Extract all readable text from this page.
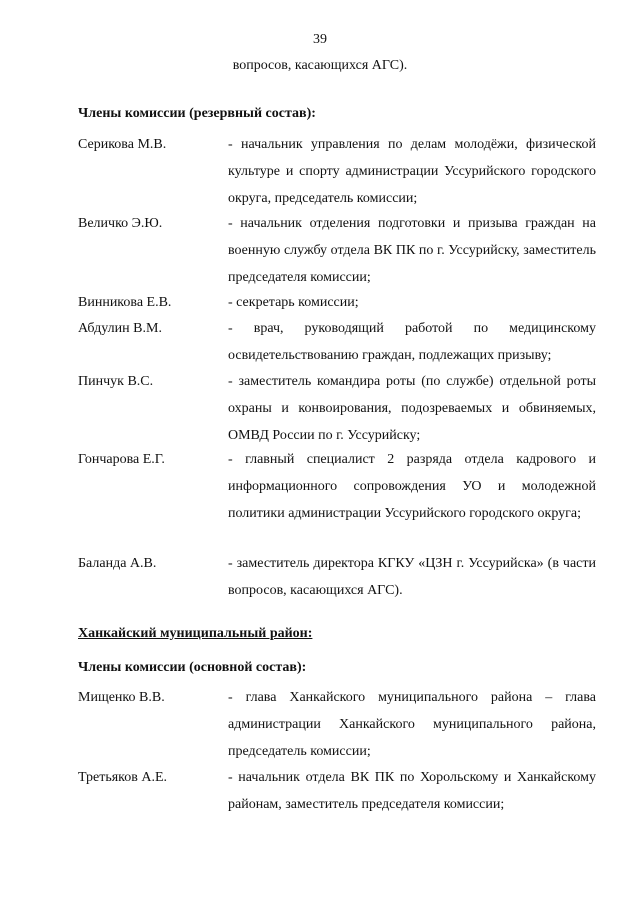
39
вопросов, касающихся АГС).
Члены комиссии (резервный состав):
Серикова М.В.	- начальник управления по делам молодёжи, физической культуре и спорту администрации Уссурийского городского округа, председатель комиссии;
Величко Э.Ю.	- начальник отделения подготовки и призыва граждан на военную службу отдела ВК ПК по г. Уссурийску, заместитель председателя комиссии;
Винникова Е.В.	- секретарь комиссии;
Абдулин В.М.	- врач, руководящий работой по медицинскому освидетельствованию граждан, подлежащих призыву;
Пинчук В.С.	- заместитель командира роты (по службе) отдельной роты охраны и конвоирования, подозреваемых и обвиняемых, ОМВД России по г. Уссурийску;
Гончарова Е.Г.	- главный специалист 2 разряда отдела кадрового и информационного сопровождения УО и молодежной политики администрации Уссурийского городского округа;
Баланда А.В.	- заместитель директора КГКУ «ЦЗН г. Уссурийска» (в части вопросов, касающихся АГС).
Ханкайский муниципальный район:
Члены комиссии (основной состав):
Мищенко В.В.	- глава Ханкайского муниципального района – глава администрации Ханкайского муниципального района, председатель комиссии;
Третьяков А.Е.	- начальник отдела ВК ПК по Хорольскому и Ханкайскому районам, заместитель председателя комиссии;
